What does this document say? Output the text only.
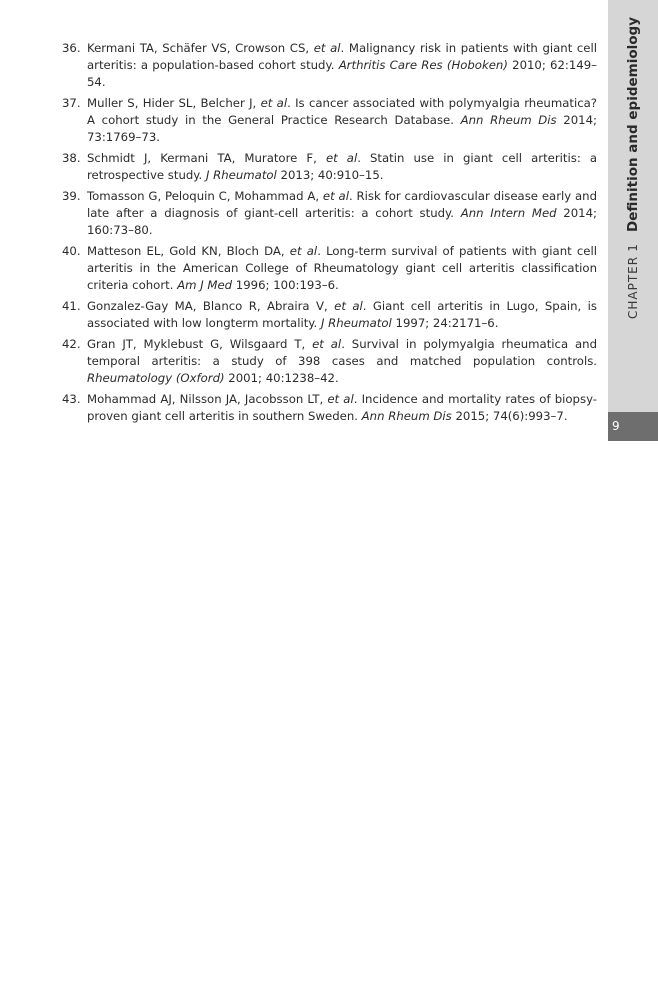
CHAPTER 1 Definition and epidemiology
9
36. Kermani TA, Schäfer VS, Crowson CS, et al. Malignancy risk in patients with giant cell arteritis: a population-based cohort study. Arthritis Care Res (Hoboken) 2010; 62:149–54.
37. Muller S, Hider SL, Belcher J, et al. Is cancer associated with polymyalgia rheumatica? A cohort study in the General Practice Research Database. Ann Rheum Dis 2014; 73:1769–73.
38. Schmidt J, Kermani TA, Muratore F, et al. Statin use in giant cell arteritis: a retrospective study. J Rheumatol 2013; 40:910–15.
39. Tomasson G, Peloquin C, Mohammad A, et al. Risk for cardiovascular disease early and late after a diagnosis of giant-cell arteritis: a cohort study. Ann Intern Med 2014; 160:73–80.
40. Matteson EL, Gold KN, Bloch DA, et al. Long-term survival of patients with giant cell arteritis in the American College of Rheumatology giant cell arteritis classification criteria cohort. Am J Med 1996; 100:193–6.
41. Gonzalez-Gay MA, Blanco R, Abraira V, et al. Giant cell arteritis in Lugo, Spain, is associated with low longterm mortality. J Rheumatol 1997; 24:2171–6.
42. Gran JT, Myklebust G, Wilsgaard T, et al. Survival in polymyalgia rheumatica and temporal arteritis: a study of 398 cases and matched population controls. Rheumatology (Oxford) 2001; 40:1238–42.
43. Mohammad AJ, Nilsson JA, Jacobsson LT, et al. Incidence and mortality rates of biopsy-proven giant cell arteritis in southern Sweden. Ann Rheum Dis 2015; 74(6):993–7.
